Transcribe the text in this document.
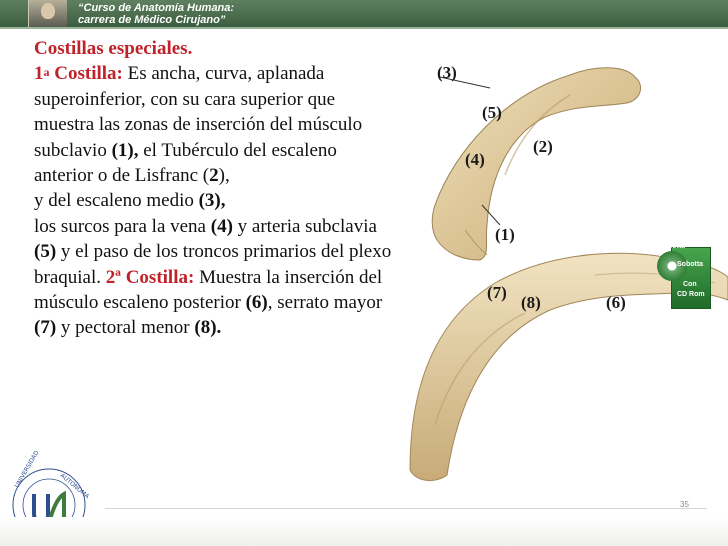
“Curso de Anatomía Humana:
carrera de Médico Cirujano”
Costillas especiales.
1$^a$ Costilla: Es ancha, curva, aplanada superoinferior, con su cara superior que muestra las zonas de inserción del músculo subclavio (1), el Tubérculo del escaleno anterior o de Lisfranc (2),
y del escaleno medio (3),
los surcos para la vena (4) y arteria subclavia (5) y el paso de los troncos primarios del plexo braquial. 2ª Costilla: Muestra la inserción del músculo escaleno posterior (6), serrato mayor (7) y pectoral menor (8).
(3)
(5)
(2)
(4)
(1)
(7)
(8)	(6)
Sobotta
Sobotta
Con
CD Rom
UNIVERSIDAD	AUTONOMA
35
